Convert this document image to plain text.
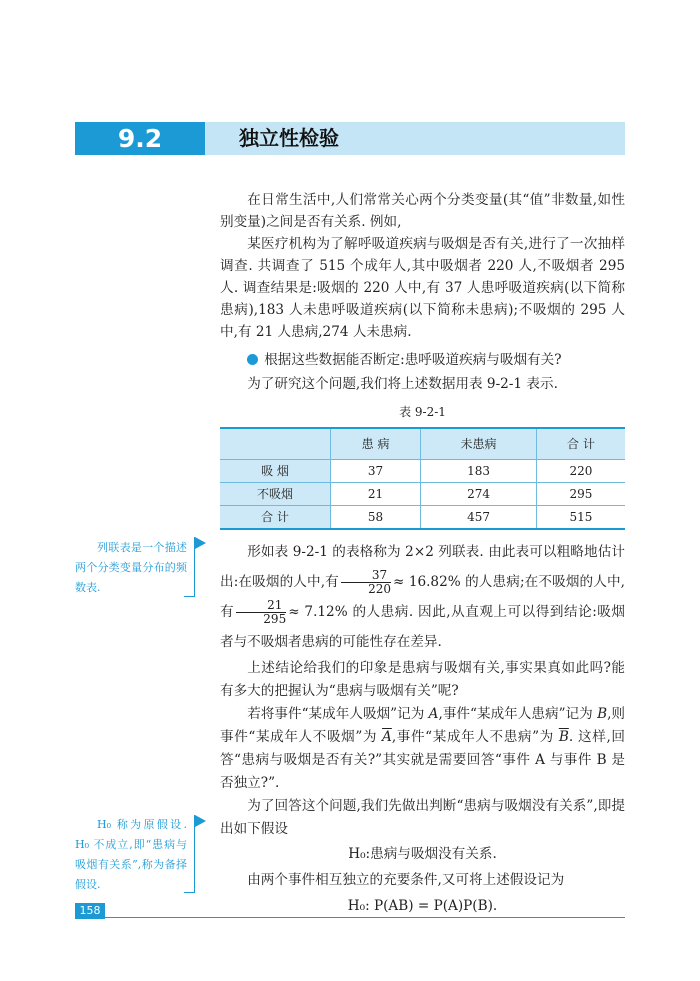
9.2	独立性检验

在日常生活中,人们常常关心两个分类变量(其“值”非数量,如性别变量)之间是否有关系. 例如,

某医疗机构为了解呼吸道疾病与吸烟是否有关,进行了一次抽样调查. 共调查了 515 个成年人,其中吸烟者 220 人,不吸烟者 295 人. 调查结果是:吸烟的 220 人中,有 37 人患呼吸道疾病(以下简称患病),183 人未患呼吸道疾病(以下简称未患病);不吸烟的 295 人中,有 21 人患病,274 人未患病.

根据这些数据能否断定:患呼吸道疾病与吸烟有关?

为了研究这个问题,我们将上述数据用表 9-2-1 表示.

表 9-2-1
	患 病	未患病	合 计
吸 烟	37	183	220
不吸烟	21	274	295
合 计	58	457	515

形如表 9-2-1 的表格称为 2×2 列联表. 由此表可以粗略地估计出:在吸烟的人中,有 $\frac{37}{220} \approx 16.82\%$ 的人患病;在不吸烟的人中,有 $\frac{21}{295} \approx 7.12\%$ 的人患病. 因此,从直观上可以得到结论:吸烟者与不吸烟者患病的可能性存在差异.

上述结论给我们的印象是患病与吸烟有关,事实果真如此吗?能有多大的把握认为“患病与吸烟有关”呢?

若将事件“某成年人吸烟”记为 A,事件“某成年人患病”记为 B,则事件“某成年人不吸烟”为 $\overline{A}$,事件“某成年人不患病”为 $\overline{B}$. 这样,回答“患病与吸烟是否有关?”其实就是需要回答“事件 A 与事件 B 是否独立?”.

为了回答这个问题,我们先做出判断“患病与吸烟没有关系”,即提出如下假设

H₀:患病与吸烟没有关系.

由两个事件相互独立的充要条件,又可将上述假设记为

H₀: P(AB) = P(A)P(B).

列联表是一个描述两个分类变量分布的频数表.
H₀ 称为原假设. H₀ 不成立,即“患病与吸烟有关系”,称为备择假设.
158
